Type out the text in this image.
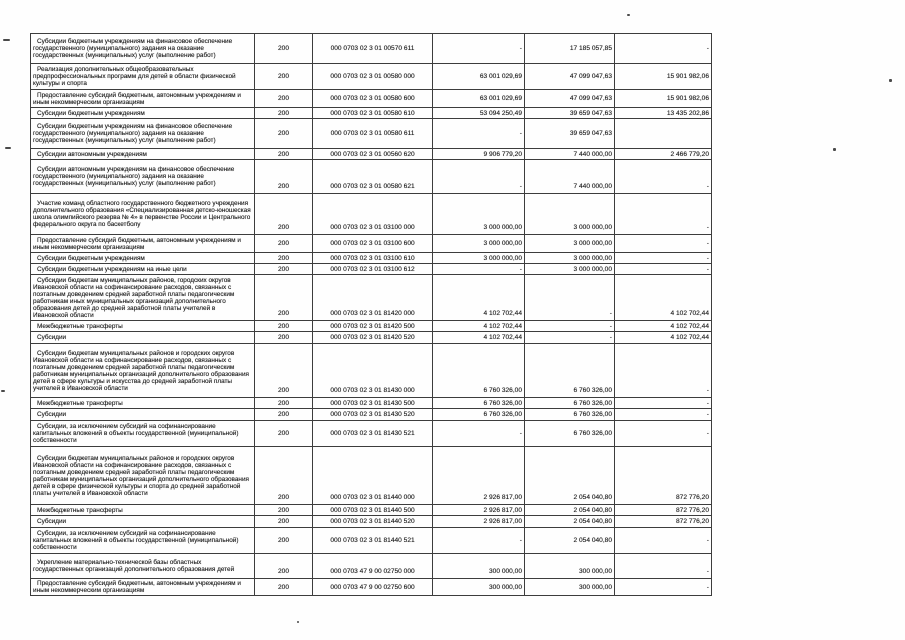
Субсидии бюджетным учреждениям на финансовое обеспечение государственного (муниципального) задания на оказание государственных (муниципальных) услуг (выполнение работ)	200	000 0703 02 3 01 00570 611	-	17 185 057,85	-
Реализация дополнительных общеобразовательных предпрофессиональных программ для детей в области физической культуры и спорта	200	000 0703 02 3 01 00580 000	63 001 029,69	47 099 047,63	15 901 982,06
Предоставление субсидий бюджетным, автономным учреждениям и иным некоммерческим организациям	200	000 0703 02 3 01 00580 600	63 001 029,69	47 099 047,63	15 901 982,06
Субсидии бюджетным учреждениям	200	000 0703 02 3 01 00580 610	53 094 250,49	39 659 047,63	13 435 202,86
Субсидии бюджетным учреждениям на финансовое обеспечение государственного (муниципального) задания на оказание государственных (муниципальных) услуг (выполнение работ)	200	000 0703 02 3 01 00580 611	-	39 659 047,63	
Субсидии автономным учреждениям	200	000 0703 02 3 01 00560 620	9 906 779,20	7 440 000,00	2 466 779,20
Субсидии автономным учреждениям на финансовое обеспечение государственного (муниципального) задания на оказание государственных (муниципальных) услуг (выполнение работ)	200	000 0703 02 3 01 00580 621	-	7 440 000,00	-
Участие команд областного государственного бюджетного учреждения дополнительного образования «Специализированная детско-юношеская школа олимпийского резерва № 4» в первенстве России и Центрального федерального округа по баскетболу	200	000 0703 02 3 01 03100 000	3 000 000,00	3 000 000,00	-
Предоставление субсидий бюджетным, автономным учреждениям и иным некоммерческим организациям	200	000 0703 02 3 01 03100 600	3 000 000,00	3 000 000,00	-
Субсидии бюджетным учреждениям	200	000 0703 02 3 01 03100 610	3 000 000,00	3 000 000,00	-
Субсидии бюджетным учреждениям на иные цели	200	000 0703 02 3 01 03100 612	-	3 000 000,00	-
Субсидии бюджетам муниципальных районов, городских округов Ивановской области на софинансирование расходов, связанных с поэтапным доведением средней заработной платы педагогическим работникам иных муниципальных организаций дополнительного образования детей до средней заработной платы учителей в Ивановской области	200	000 0703 02 3 01 81420 000	4 102 702,44	-	4 102 702,44
Межбюджетные трансферты	200	000 0703 02 3 01 81420 500	4 102 702,44	-	4 102 702,44
Субсидии	200	000 0703 02 3 01 81420 520	4 102 702,44	-	4 102 702,44
Субсидии бюджетам муниципальных районов и городских округов Ивановской области на софинансирование расходов, связанных с поэтапным доведением средней заработной платы педагогическим работникам муниципальных организаций дополнительного образования детей в сфере культуры и искусства до средней заработной платы учителей в Ивановской области	200	000 0703 02 3 01 81430 000	6 760 326,00	6 760 326,00	-
Межбюджетные трансферты	200	000 0703 02 3 01 81430 500	6 760 326,00	6 760 326,00	-
Субсидии	200	000 0703 02 3 01 81430 520	6 760 326,00	6 760 326,00	-
Субсидии, за исключением субсидий на софинансирование капитальных вложений в объекты государственной (муниципальной) собственности	200	000 0703 02 3 01 81430 521	-	6 760 326,00	-
Субсидии бюджетам муниципальных районов и городских округов Ивановской области на софинансирование расходов, связанных с поэтапным доведением средней заработной платы педагогическим работникам муниципальных организаций дополнительного образования детей в сфере физической культуры и спорта до средней заработной платы учителей в Ивановской области	200	000 0703 02 3 01 81440 000	2 926 817,00	2 054 040,80	872 776,20
Межбюджетные трансферты	200	000 0703 02 3 01 81440 500	2 926 817,00	2 054 040,80	872 776,20
Субсидии	200	000 0703 02 3 01 81440 520	2 926 817,00	2 054 040,80	872 776,20
Субсидии, за исключением субсидий на софинансирование капитальных вложений в объекты государственной (муниципальной) собственности	200	000 0703 02 3 01 81440 521	-	2 054 040,80	-
Укрепление материально-технической базы областных государственных организаций дополнительного образования детей	200	000 0703 47 9 00 02750 000	300 000,00	300 000,00	-
Предоставление субсидий бюджетным, автономным учреждениям и иным некоммерческим организациям	200	000 0703 47 9 00 02750 600	300 000,00	300 000,00	-
